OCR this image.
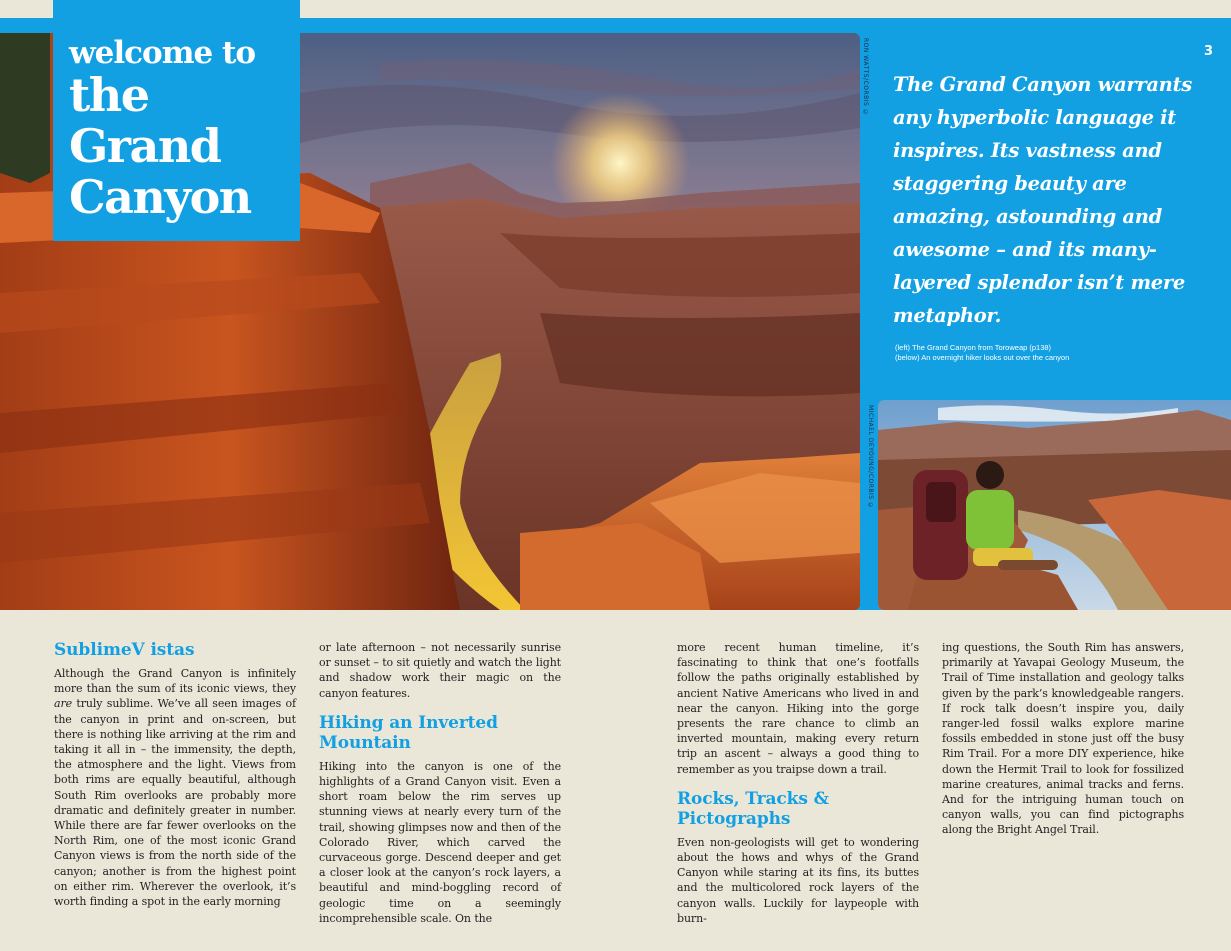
welcome to
the
Grand
Canyon
3

The Grand Canyon warrants any hyperbolic language it inspires. Its vastness and staggering beauty are amazing, astounding and awesome – and its many-layered splendor isn’t mere metaphor.

(left) The Grand Canyon from Toroweap (p138)
(below) An overnight hiker looks out over the canyon
RON WATTS/CORBIS ©
MICHAEL DEYOUNG/CORBIS ©
SublimeV istas

Although the Grand Canyon is infinitely more than the sum of its iconic views, they are truly sublime. We’ve all seen images of the canyon in print and on-screen, but there is nothing like arriving at the rim and taking it all in – the immensity, the depth, the atmosphere and the light. Views from both rims are equally beautiful, although South Rim overlooks are probably more dramatic and definitely greater in number. While there are far fewer overlooks on the North Rim, one of the most iconic Grand Canyon views is from the north side of the canyon; another is from the highest point on either rim. Wherever the overlook, it’s worth finding a spot in the early morning

or late afternoon – not necessarily sunrise or sunset – to sit quietly and watch the light and shadow work their magic on the canyon features.

Hiking an Inverted Mountain

Hiking into the canyon is one of the highlights of a Grand Canyon visit. Even a short roam below the rim serves up stunning views at nearly every turn of the trail, showing glimpses now and then of the Colorado River, which carved the curvaceous gorge. Descend deeper and get a closer look at the canyon’s rock layers, a beautiful and mind-boggling record of geologic time on a seemingly incomprehensible scale. On the

more recent human timeline, it’s fascinating to think that one’s footfalls follow the paths originally established by ancient Native Americans who lived in and near the canyon. Hiking into the gorge presents the rare chance to climb an inverted mountain, making every return trip an ascent – always a good thing to remember as you traipse down a trail.

Rocks, Tracks & Pictographs

Even non-geologists will get to wondering about the hows and whys of the Grand Canyon while staring at its fins, its buttes and the multicolored rock layers of the canyon walls. Luckily for laypeople with burn-

ing questions, the South Rim has answers, primarily at Yavapai Geology Museum, the Trail of Time installation and geology talks given by the park’s knowledgeable rangers. If rock talk doesn’t inspire you, daily ranger-led fossil walks explore marine fossils embedded in stone just off the busy Rim Trail. For a more DIY experience, hike down the Hermit Trail to look for fossilized marine creatures, animal tracks and ferns. And for the intriguing human touch on canyon walls, you can find pictographs along the Bright Angel Trail.
